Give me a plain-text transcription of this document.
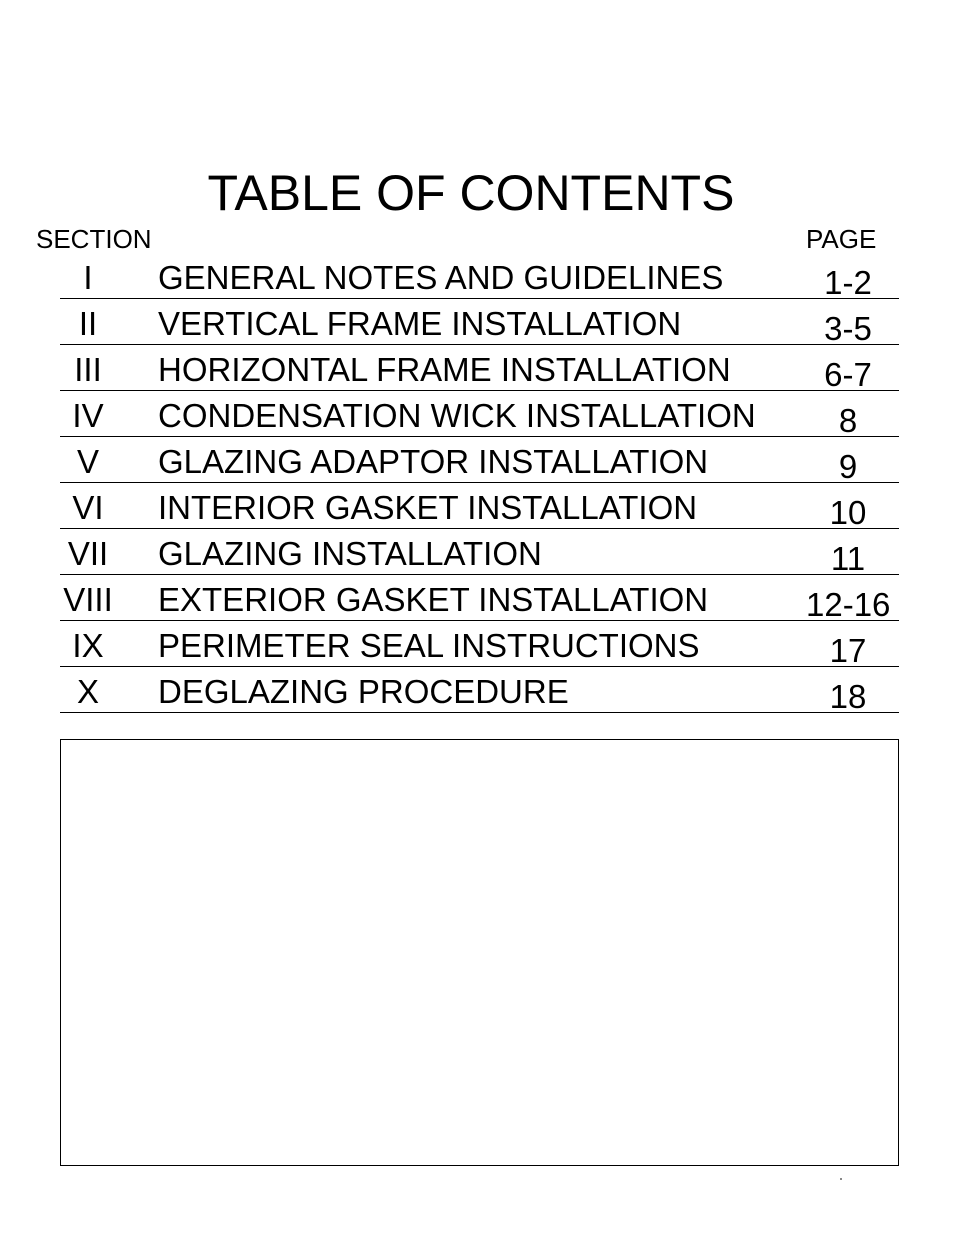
TABLE OF CONTENTS
SECTION	PAGE
I	GENERAL NOTES AND GUIDELINES	1-2
II	VERTICAL FRAME INSTALLATION	3-5
III	HORIZONTAL FRAME INSTALLATION	6-7
IV	CONDENSATION WICK INSTALLATION	8
V	GLAZING ADAPTOR INSTALLATION	9
VI	INTERIOR GASKET INSTALLATION	10
VII GLAZING INSTALLATION	11
VIII EXTERIOR GASKET INSTALLATION	12-16
IX	PERIMETER SEAL INSTRUCTIONS	17
X	DEGLAZING PROCEDURE	18
